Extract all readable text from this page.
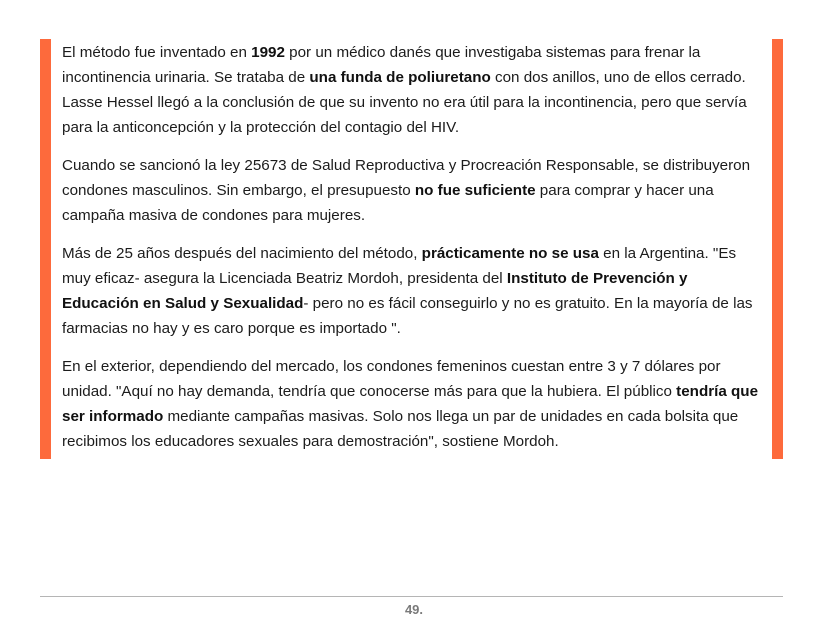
El método fue inventado en 1992 por un médico danés que investigaba sistemas para frenar la incontinencia urinaria. Se trataba de una funda de poliuretano con dos anillos, uno de ellos cerrado. Lasse Hessel llegó a la conclusión de que su invento no era útil para la incontinencia, pero que servía para la anticoncepción y la protección del contagio del HIV.

Cuando se sancionó la ley 25673 de Salud Reproductiva y Procreación Responsable, se distribuyeron condones masculinos. Sin embargo, el presupuesto no fue suficiente para comprar y hacer una campaña masiva de condones para mujeres.

Más de 25 años después del nacimiento del método, prácticamente no se usa en la Argentina. "Es muy eficaz- asegura la Licenciada Beatriz Mordoh, presidenta del Instituto de Prevención y Educación en Salud y Sexualidad- pero no es fácil conseguirlo y no es gratuito. En la mayoría de las farmacias no hay y es caro porque es importado ".

En el exterior, dependiendo del mercado, los condones femeninos cuestan entre 3 y 7 dólares por unidad. "Aquí no hay demanda, tendría que conocerse más para que la hubiera. El público tendría que ser informado mediante campañas masivas. Solo nos llega un par de unidades en cada bolsita que recibimos los educadores sexuales para demostración", sostiene Mordoh.

49.
